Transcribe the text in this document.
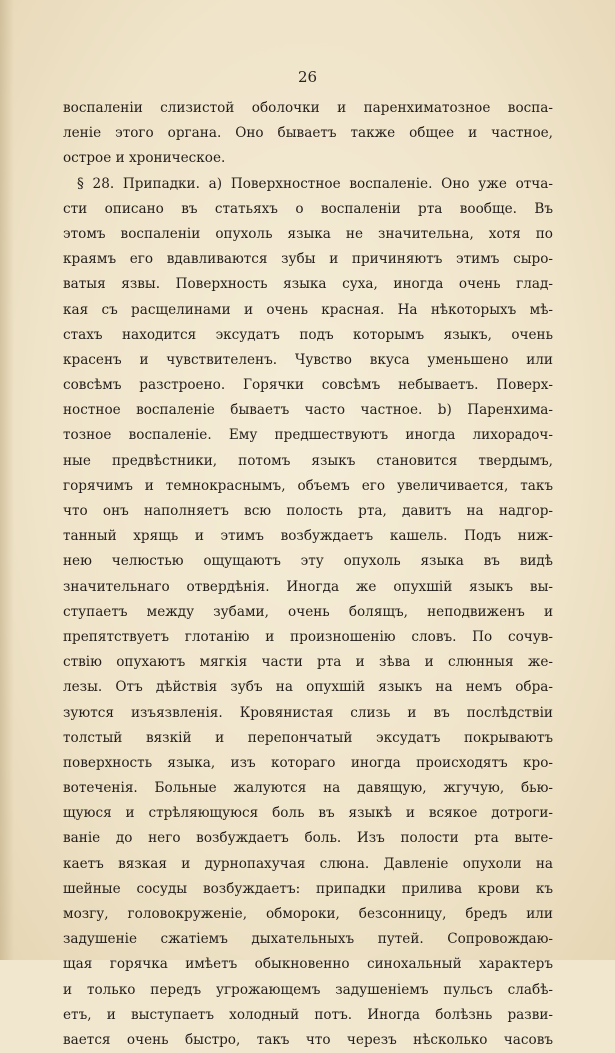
26
воспаленіи слизистой оболочки и паренхиматозное воспа-
леніе этого органа. Оно бываетъ также общее и частное,
острое и хроническое.
§ 28. Припадки. a) Поверхностное воспаленіе. Оно уже отча-
сти описано въ статьяхъ о воспаленіи рта вообще. Въ
этомъ воспаленіи опухоль языка не значительна, хотя по
краямъ его вдавливаются зубы и причиняютъ этимъ сыро-
ватыя язвы. Поверхность языка суха, иногда очень глад-
кая съ расщелинами и очень красная. На нѣкоторыхъ мѣ-
стахъ находится эксудатъ подъ которымъ языкъ, очень
красенъ и чувствителенъ. Чувство вкуса уменьшено или
совсѣмъ разстроено. Горячки совсѣмъ небываетъ. Поверх-
ностное воспаленіе бываетъ часто частное. b) Паренхима-
тозное воспаленіе. Ему предшествуютъ иногда лихорадоч-
ные предвѣстники, потомъ языкъ становится твердымъ,
горячимъ и темнокраснымъ, объемъ его увеличивается, такъ
что онъ наполняетъ всю полость рта, давитъ на надгор-
танный хрящь и этимъ возбуждаетъ кашель. Подъ ниж-
нею челюстью ощущаютъ эту опухоль языка въ видѣ
значительнаго отвердѣнія. Иногда же опухшій языкъ вы-
ступаетъ между зубами, очень болящъ, неподвиженъ и
препятствуетъ глотанію и произношенію словъ. По сочув-
ствію опухаютъ мягкія части рта и зѣва и слюнныя же-
лезы. Отъ дѣйствія зубъ на опухшій языкъ на немъ обра-
зуются изъязвленія. Кровянистая слизь и въ послѣдствіи
толстый вязкій и перепончатый эксудатъ покрываютъ
поверхность языка, изъ котораго иногда происходятъ кро-
вотеченія. Больные жалуются на давящую, жгучую, бью-
щуюся и стрѣляющуюся боль въ языкѣ и всякое дотроги-
ваніе до него возбуждаетъ боль. Изъ полости рта выте-
каетъ вязкая и дурнопахучая слюна. Давленіе опухоли на
шейные сосуды возбуждаетъ: припадки прилива крови къ
мозгу, головокруженіе, обмороки, безсонницу, бредъ или
задушеніе сжатіемъ дыхательныхъ путей. Сопровождаю-
щая горячка имѣетъ обыкновенно синохальный характеръ
и только передъ угрожающемъ задушеніемъ пульсъ слабѣ-
етъ, и выступаетъ холодный потъ. Иногда болѣзнь разви-
вается очень быстро, такъ что черезъ нѣсколько часовъ
